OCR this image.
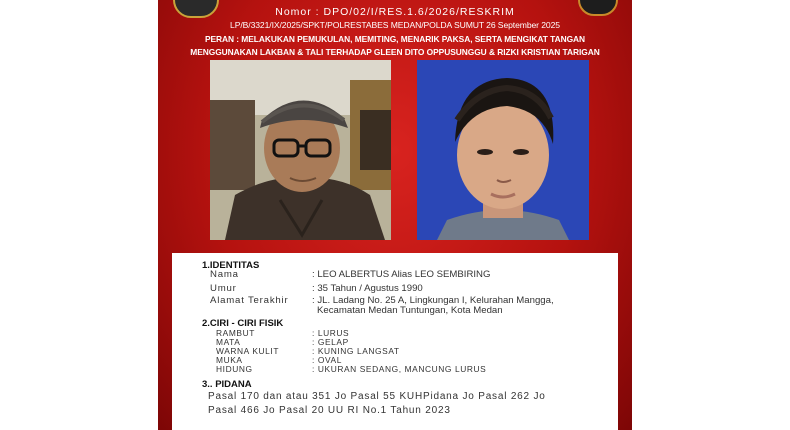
Nomor : DPO/02/I/RES.1.6/2026/RESKRIM
LP/B/3321/IX/2025/SPKT/POLRESTABES MEDAN/POLDA SUMUT 26 September 2025
PERAN : MELAKUKAN PEMUKULAN, MEMITING, MENARIK PAKSA, SERTA MENGIKAT TANGAN
MENGGUNAKAN LAKBAN & TALI TERHADAP GLEEN DITO OPPUSUNGGU & RIZKI KRISTIAN TARIGAN
1.IDENTITAS
Nama	: LEO ALBERTUS Alias LEO SEMBIRING
Umur	: 35 Tahun / Agustus 1990
Alamat Terakhir : JL. Ladang No. 25 A, Lingkungan I, Kelurahan Mangga,
Kecamatan Medan Tuntungan, Kota Medan
2.CIRI - CIRI FISIK
RAMBUT	: LURUS
MATA	: GELAP
WARNA KULIT	: KUNING LANGSAT
MUKA	: OVAL
HIDUNG	: UKURAN SEDANG, MANCUNG LURUS
3.. PIDANA
Pasal 170 dan atau 351 Jo Pasal 55 KUHPidana Jo Pasal 262 Jo
Pasal 466 Jo Pasal 20 UU RI No.1 Tahun 2023
